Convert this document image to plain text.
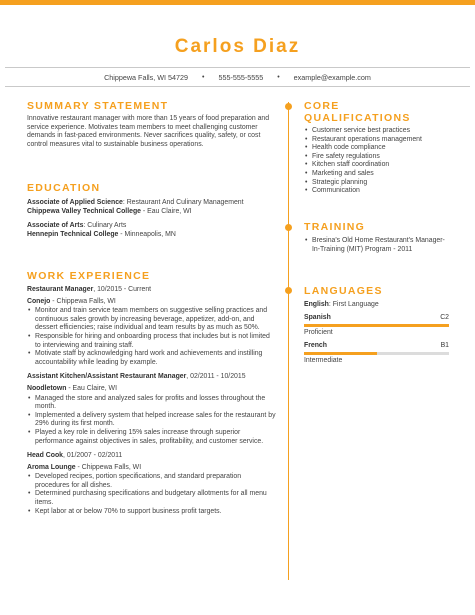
Carlos Diaz
Chippewa Falls, WI 54729 • 555-555-5555 • example@example.com
SUMMARY STATEMENT

Innovative restaurant manager with more than 15 years of food preparation and service experience. Motivates team members to meet challenging customer demands in fast-paced environments. Never sacrifices quality, safety, or cost control measures vital to sustainable business operations.

EDUCATION
Associate of Applied Science: Restaurant And Culinary Management
Chippewa Valley Technical College - Eau Claire, WI
Associate of Arts: Culinary Arts
Hennepin Technical College - Minneapolis, MN
WORK EXPERIENCE
Restaurant Manager, 10/2015 - Current
Conejo - Chippewa Falls, WI
• Monitor and train service team members on suggestive selling practices and continuous sales growth by increasing beverage, appetizer, add-on, and dessert efficiencies; raise individual and team results by as much as 50%.
• Responsible for hiring and onboarding process that includes but is not limited to interviewing and training staff.
• Motivate staff by acknowledging hard work and achievements and instilling accountability while leading by example.
Assistant Kitchen/Assistant Restaurant Manager, 02/2011 - 10/2015
Noodletown - Eau Claire, WI
• Managed the store and analyzed sales for profits and losses throughout the month.
• Implemented a delivery system that helped increase sales for the restaurant by 29% during its first month.
• Played a key role in delivering 15% sales increase through superior performance against objectives in sales, profitability, and customer service.
Head Cook, 01/2007 - 02/2011
Aroma Lounge - Chippewa Falls, WI
• Developed recipes, portion specifications, and standard preparation procedures for all dishes.
• Determined purchasing specifications and budgetary allotments for all menu items.
• Kept labor at or below 70% to support business profit targets.
CORE QUALIFICATIONS
• Customer service best practices
• Restaurant operations management
• Health code compliance
• Fire safety regulations
• Kitchen staff coordination
• Marketing and sales
• Strategic planning
• Communication
TRAINING
• Bresina's Old Home Restaurant's Manager-In-Training (MIT) Program - 2011
LANGUAGES
English: First Language
Spanish	C2
Proficient
French	B1
Intermediate
